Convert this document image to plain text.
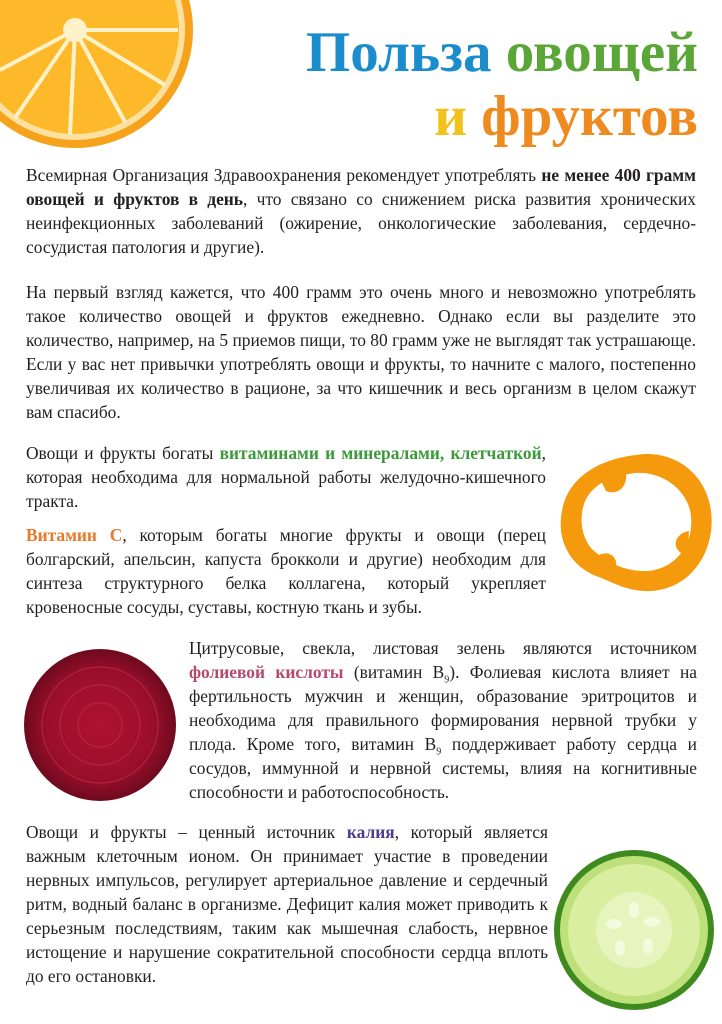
Польза овощей
и фруктов

Всемирная Организация Здравоохранения рекомендует употреблять не менее 400 грамм овощей и фруктов в день, что связано со снижением риска развития хронических неинфекционных заболеваний (ожирение, онкологические заболевания, сердечно-сосудистая патология и другие).

На первый взгляд кажется, что 400 грамм это очень много и невозможно употреблять такое количество овощей и фруктов ежедневно. Однако если вы разделите это количество, например, на 5 приемов пищи, то 80 грамм уже не выглядят так устрашающе. Если у вас нет привычки употреблять овощи и фрукты, то начните с малого, постепенно увеличивая их количество в рационе, за что кишечник и весь организм в целом скажут вам спасибо.

Овощи и фрукты богаты витаминами и минералами, клетчаткой, которая необходима для нормальной работы желудочно-кишечного тракта.

Витамин С, которым богаты многие фрукты и овощи (перец болгарский, апельсин, капуста брокколи и другие) необходим для синтеза структурного белка коллагена, который укрепляет кровеносные сосуды, суставы, костную ткань и зубы.

Цитрусовые, свекла, листовая зелень являются источником фолиевой кислоты (витамин $В_9$). Фолиевая кислота влияет на фертильность мужчин и женщин, образование эритроцитов и необходима для правильного формирования нервной трубки у плода. Кроме того, витамин $В_9$ поддерживает работу сердца и сосудов, иммунной и нервной системы, влияя на когнитивные способности и работоспособность.

Овощи и фрукты – ценный источник калия, который является важным клеточным ионом. Он принимает участие в проведении нервных импульсов, регулирует артериальное давление и сердечный ритм, водный баланс в организме. Дефицит калия может приводить к серьезным последствиям, таким как мышечная слабость, нервное истощение и нарушение сократительной способности сердца вплоть до его остановки.
